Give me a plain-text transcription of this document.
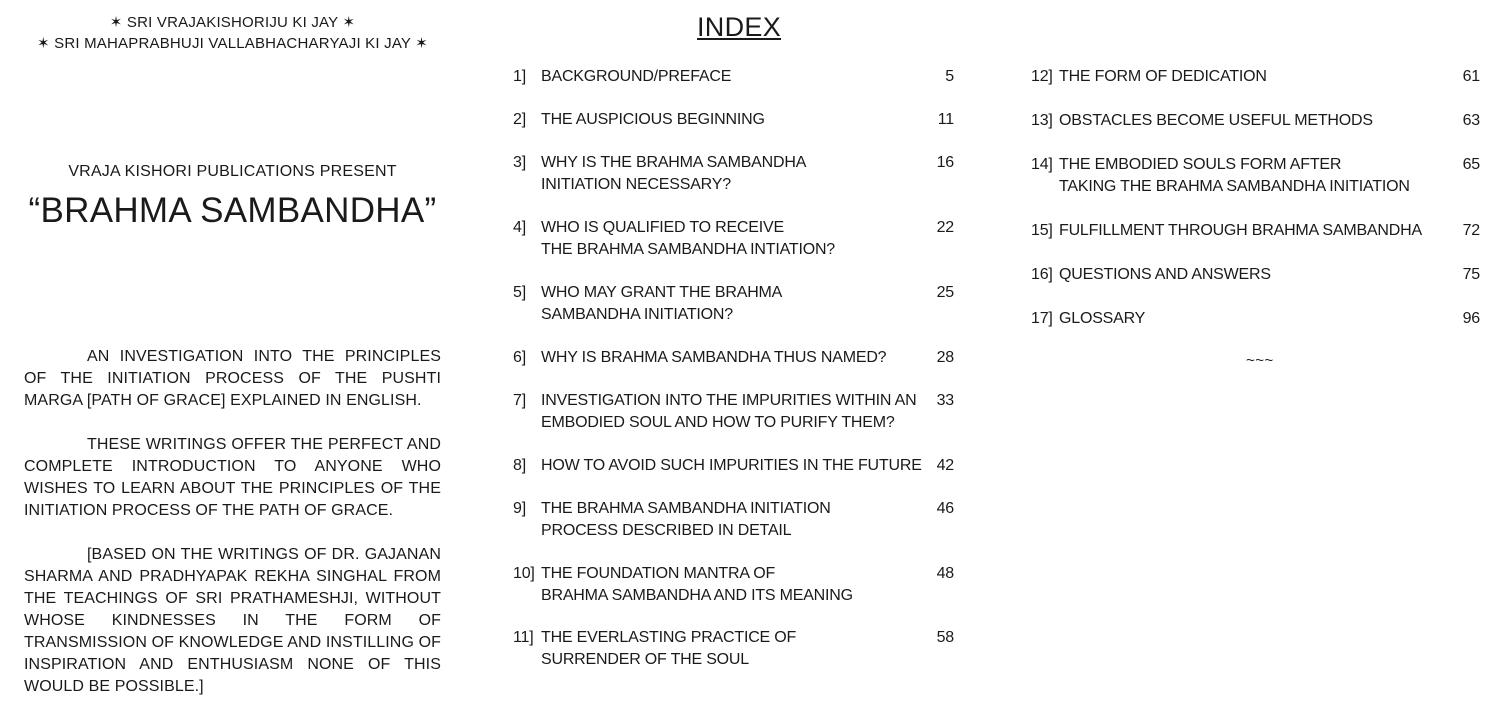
✶ SRI VRAJAKISHORIJU KI JAY ✶
✶ SRI MAHAPRABHUJI VALLABHACHARYAJI KI JAY ✶
VRAJA KISHORI PUBLICATIONS PRESENT
“BRAHMA SAMBANDHA”

AN INVESTIGATION INTO THE PRINCIPLES OF THE INITIATION PROCESS OF THE PUSHTI MARGA [PATH OF GRACE] EXPLAINED IN ENGLISH.

THESE WRITINGS OFFER THE PERFECT AND COMPLETE INTRODUCTION TO ANYONE WHO WISHES TO LEARN ABOUT THE PRINCIPLES OF THE INITIATION PROCESS OF THE PATH OF GRACE.

[BASED ON THE WRITINGS OF DR. GAJANAN SHARMA AND PRADHYAPAK REKHA SINGHAL FROM THE TEACHINGS OF SRI PRATHAMESHJI, WITHOUT WHOSE KINDNESSES IN THE FORM OF TRANSMISSION OF KNOWLEDGE AND INSTILLING OF INSPIRATION AND ENTHUSIASM NONE OF THIS WOULD BE POSSIBLE.]

INDEX
1] BACKGROUND/PREFACE	5
2] THE AUSPICIOUS BEGINNING	11
3] WHY IS THE BRAHMA SAMBANDHA
INITIATION NECESSARY?
16
4] WHO IS QUALIFIED TO RECEIVE
THE BRAHMA SAMBANDHA INTIATION?
22
5] WHO MAY GRANT THE BRAHMA
SAMBANDHA INITIATION?
25
6] WHY IS BRAHMA SAMBANDHA THUS NAMED?	28
7] INVESTIGATION INTO THE IMPURITIES WITHIN AN
EMBODIED SOUL AND HOW TO PURIFY THEM?
33
8] HOW TO AVOID SUCH IMPURITIES IN THE FUTURE 42
9] THE BRAHMA SAMBANDHA INITIATION
PROCESS DESCRIBED IN DETAIL
46
10] THE FOUNDATION MANTRA OF
BRAHMA SAMBANDHA AND ITS MEANING
48
11] THE EVERLASTING PRACTICE OF
SURRENDER OF THE SOUL
58
12] THE FORM OF DEDICATION	61
13] OBSTACLES BECOME USEFUL METHODS	63
14] THE EMBODIED SOULS FORM AFTER
TAKING THE BRAHMA SAMBANDHA INITIATION
65
15] FULFILLMENT THROUGH BRAHMA SAMBANDHA	72
16] QUESTIONS AND ANSWERS	75
17] GLOSSARY	96
~~~
